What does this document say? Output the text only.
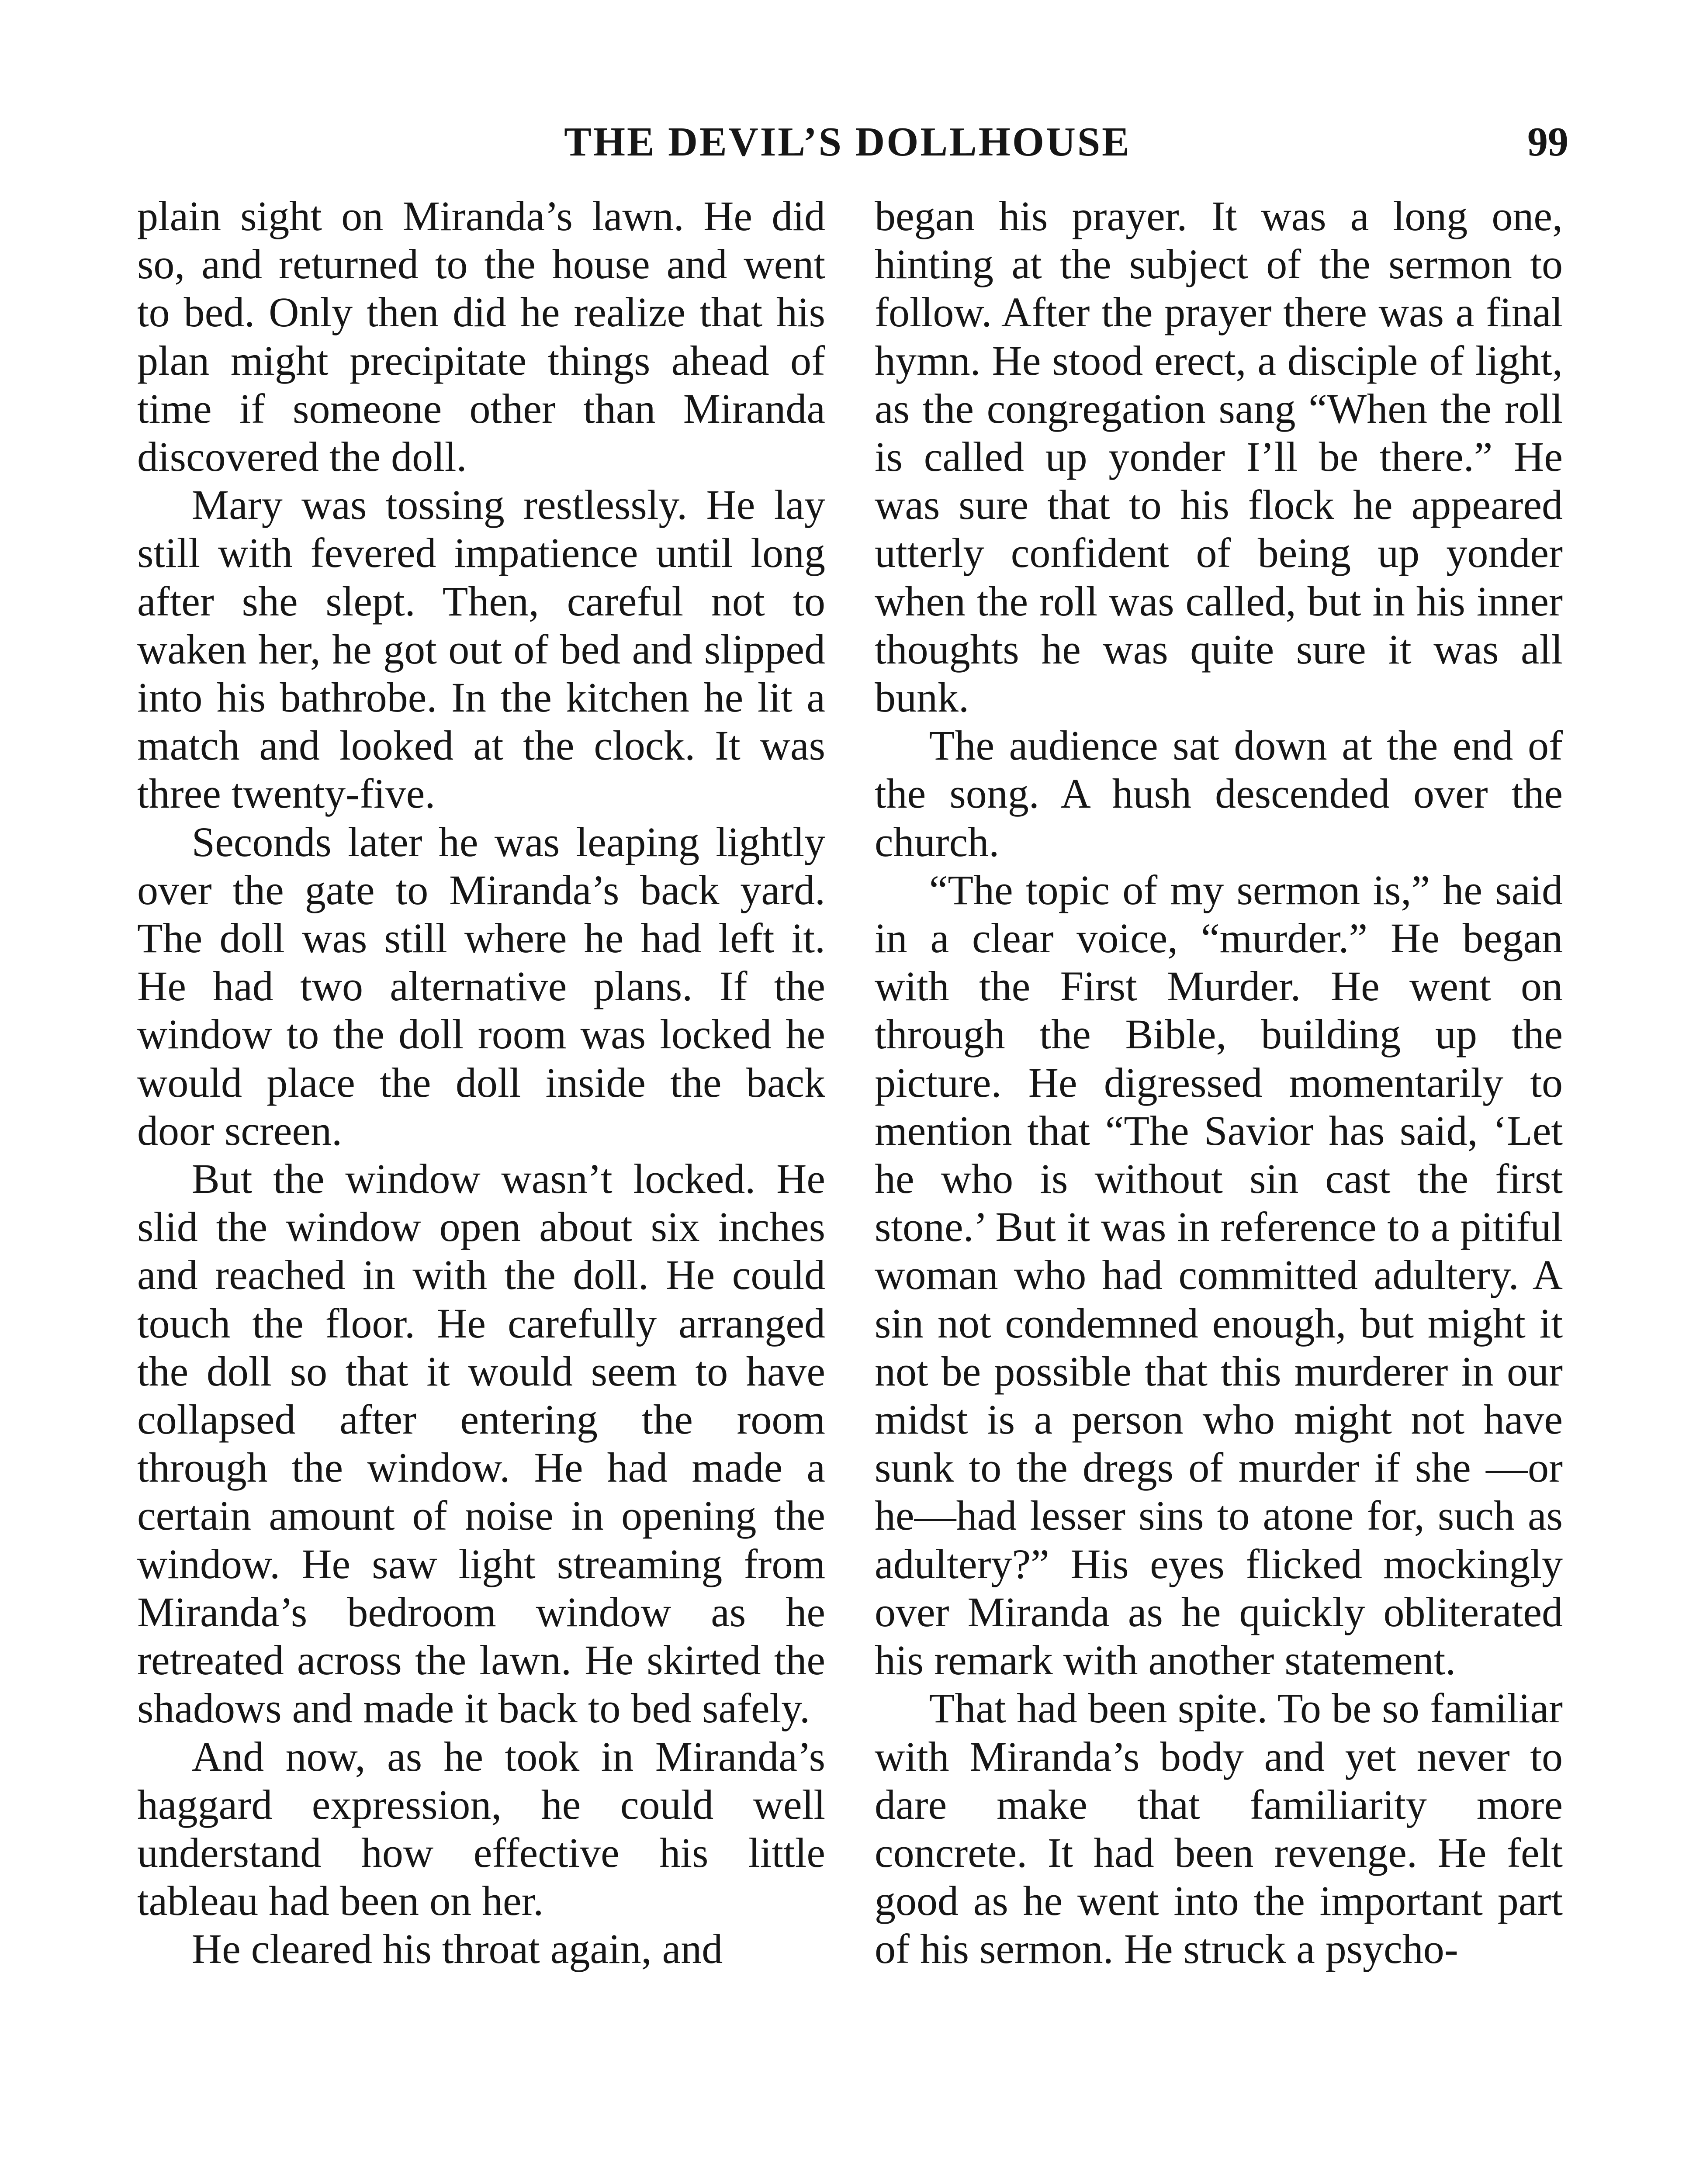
THE DEVIL’S DOLLHOUSE	99

plain sight on Miranda’s lawn. He did so, and returned to the house and went to bed. Only then did he realize that his plan might precipitate things ahead of time if someone other than Miranda discovered the doll.

Mary was tossing restlessly. He lay still with fevered impatience until long after she slept. Then, careful not to waken her, he got out of bed and slipped into his bathrobe. In the kitchen he lit a match and looked at the clock. It was three twenty-five.

Seconds later he was leaping lightly over the gate to Miranda’s back yard. The doll was still where he had left it. He had two alternative plans. If the window to the doll room was locked he would place the doll inside the back door screen.

But the window wasn’t locked. He slid the window open about six inches and reached in with the doll. He could touch the floor. He carefully arranged the doll so that it would seem to have collapsed after entering the room through the window. He had made a certain amount of noise in opening the window. He saw light streaming from Miranda’s bedroom window as he retreated across the lawn. He skirted the shadows and made it back to bed safely.

And now, as he took in Miranda’s haggard expression, he could well understand how effective his little tableau had been on her.

He cleared his throat again, and

began his prayer. It was a long one, hinting at the subject of the sermon to follow. After the prayer there was a final hymn. He stood erect, a disciple of light, as the congregation sang “When the roll is called up yonder I’ll be there.” He was sure that to his flock he appeared utterly confident of being up yonder when the roll was called, but in his inner thoughts he was quite sure it was all bunk.

The audience sat down at the end of the song. A hush descended over the church.

“The topic of my sermon is,” he said in a clear voice, “murder.” He began with the First Murder. He went on through the Bible, building up the picture. He digressed momentarily to mention that “The Savior has said, ‘Let he who is without sin cast the first stone.’ But it was in reference to a pitiful woman who had committed adultery. A sin not condemned enough, but might it not be possible that this murderer in our midst is a person who might not have sunk to the dregs of murder if she —or he—had lesser sins to atone for, such as adultery?” His eyes flicked mockingly over Miranda as he quickly obliterated his remark with another statement.

That had been spite. To be so familiar with Miranda’s body and yet never to dare make that familiarity more concrete. It had been revenge. He felt good as he went into the important part of his sermon. He struck a psycho-
